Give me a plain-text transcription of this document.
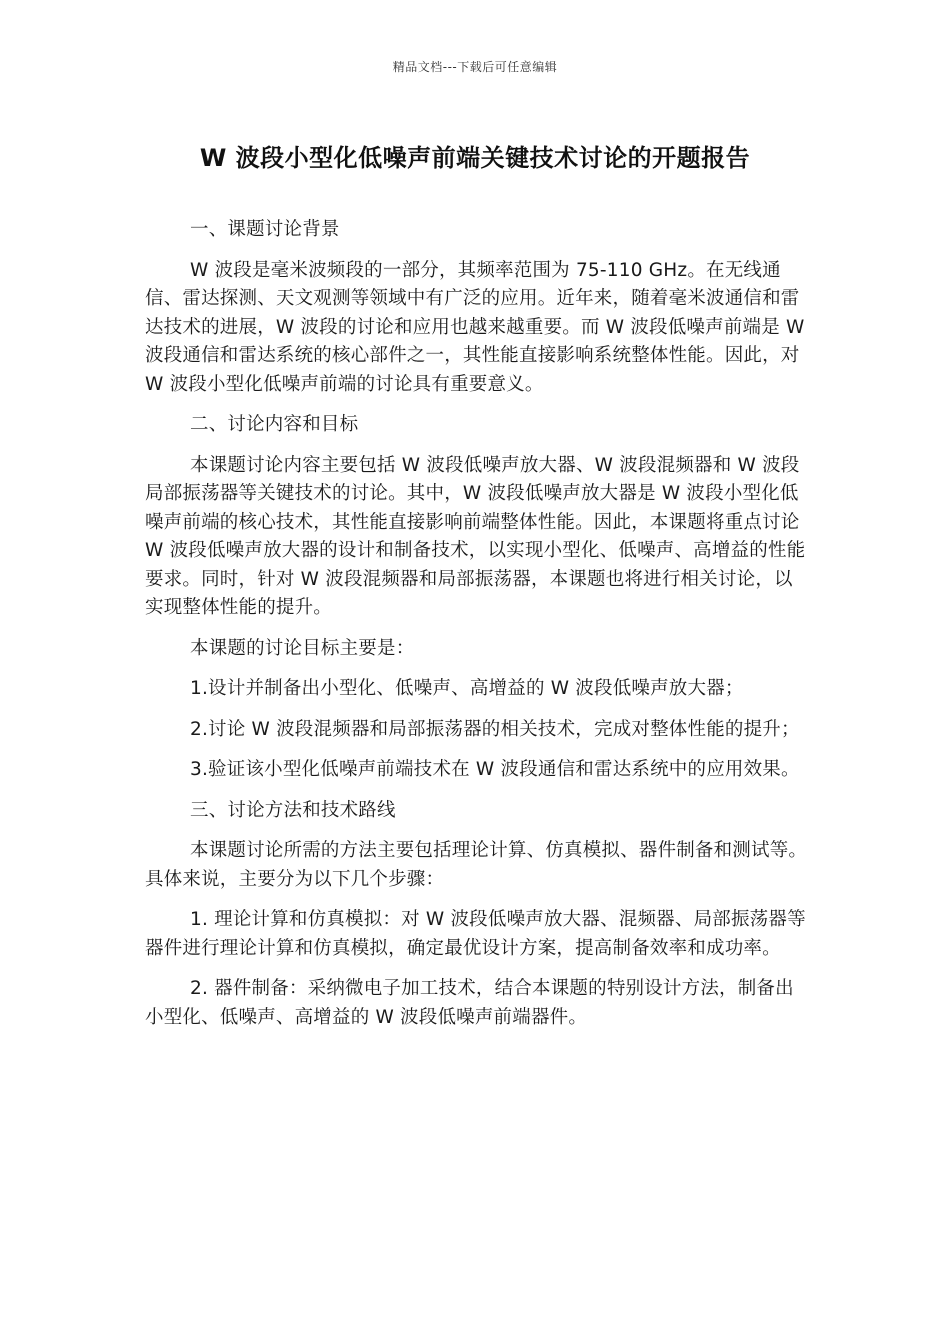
精品文档---下载后可任意编辑
W 波段小型化低噪声前端关键技术讨论的开题报告

一、课题讨论背景

W 波段是毫米波频段的一部分，其频率范围为 75-110 GHz。在无线通信、雷达探测、天文观测等领域中有广泛的应用。近年来，随着毫米波通信和雷达技术的进展，W 波段的讨论和应用也越来越重要。而 W 波段低噪声前端是 W 波段通信和雷达系统的核心部件之一，其性能直接影响系统整体性能。因此，对 W 波段小型化低噪声前端的讨论具有重要意义。

二、讨论内容和目标

本课题讨论内容主要包括 W 波段低噪声放大器、W 波段混频器和 W 波段局部振荡器等关键技术的讨论。其中，W 波段低噪声放大器是 W 波段小型化低噪声前端的核心技术，其性能直接影响前端整体性能。因此，本课题将重点讨论 W 波段低噪声放大器的设计和制备技术，以实现小型化、低噪声、高增益的性能要求。同时，针对 W 波段混频器和局部振荡器，本课题也将进行相关讨论，以实现整体性能的提升。

本课题的讨论目标主要是：

1.设计并制备出小型化、低噪声、高增益的 W 波段低噪声放大器；

2.讨论 W 波段混频器和局部振荡器的相关技术，完成对整体性能的提升；

3.验证该小型化低噪声前端技术在 W 波段通信和雷达系统中的应用效果。

三、讨论方法和技术路线

本课题讨论所需的方法主要包括理论计算、仿真模拟、器件制备和测试等。具体来说，主要分为以下几个步骤：

1. 理论计算和仿真模拟：对 W 波段低噪声放大器、混频器、局部振荡器等器件进行理论计算和仿真模拟，确定最优设计方案，提高制备效率和成功率。

2. 器件制备：采纳微电子加工技术，结合本课题的特别设计方法，制备出小型化、低噪声、高增益的 W 波段低噪声前端器件。
